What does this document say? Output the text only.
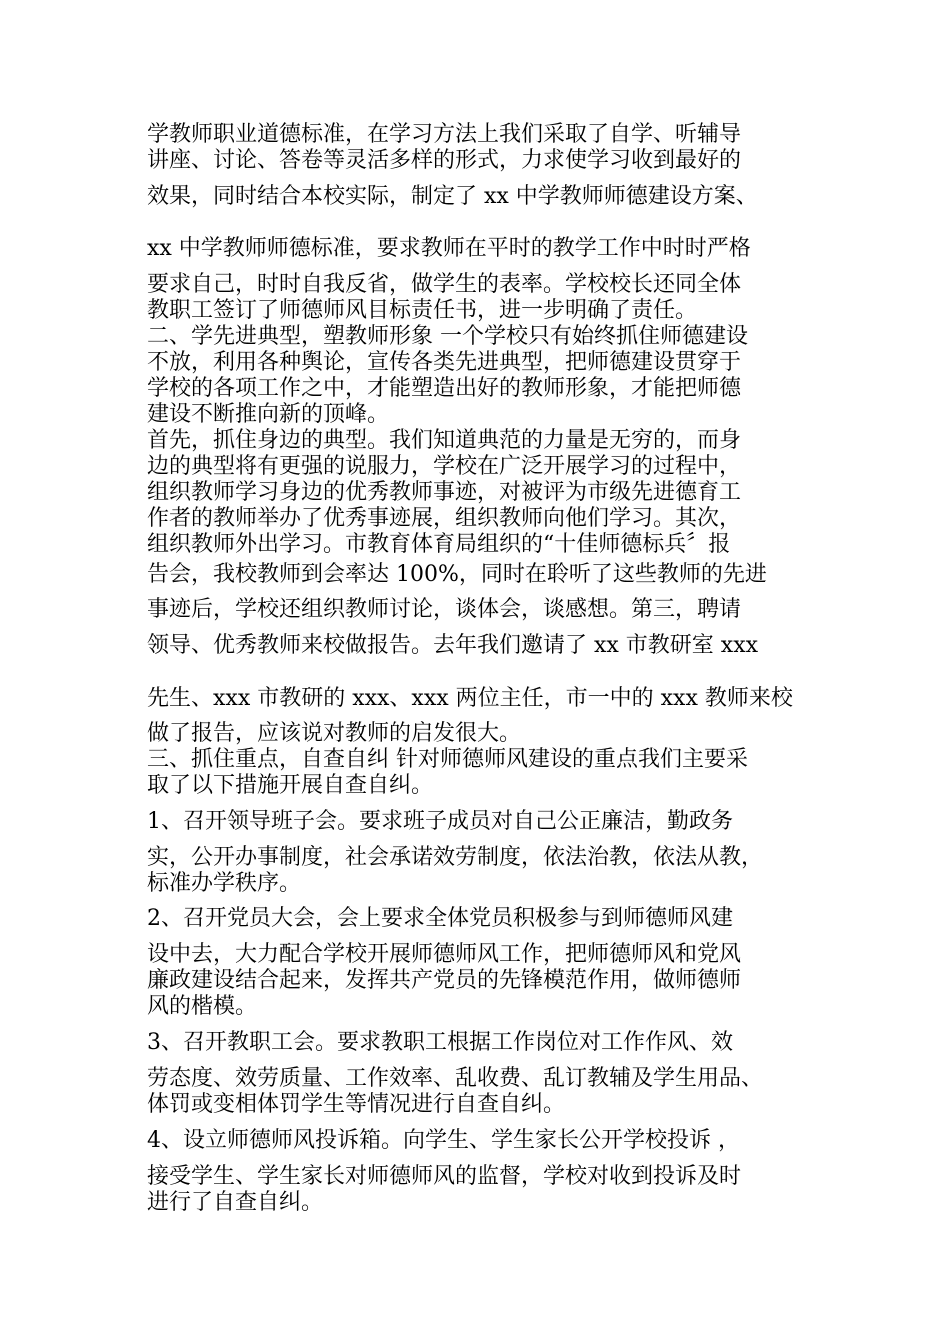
学教师职业道德标准，在学习方法上我们采取了自学、听辅导
讲座、讨论、答卷等灵活多样的形式，力求使学习收到最好的
效果，同时结合本校实际，制定了 xx 中学教师师德建设方案、
xx 中学教师师德标准，要求教师在平时的教学工作中时时严格
要求自己，时时自我反省，做学生的表率。学校校长还同全体
教职工签订了师德师风目标责任书，进一步明确了责任。
二、学先进典型，塑教师形象 一个学校只有始终抓住师德建设
不放，利用各种舆论，宣传各类先进典型，把师德建设贯穿于
学校的各项工作之中，才能塑造出好的教师形象，才能把师德
建设不断推向新的顶峰。
首先，抓住身边的典型。我们知道典范的力量是无穷的，而身
边的典型将有更强的说服力，学校在广泛开展学习的过程中，
组织教师学习身边的优秀教师事迹，对被评为市级先进德育工
作者的教师举办了优秀事迹展，组织教师向他们学习。其次，
组织教师外出学习。市教育体育局组织的“十佳师德标兵〞报
告会，我校教师到会率达 100%，同时在聆听了这些教师的先进
事迹后，学校还组织教师讨论，谈体会，谈感想。第三，聘请
领导、优秀教师来校做报告。去年我们邀请了 xx 市教研室 xxx
先生、xxx 市教研的 xxx、xxx 两位主任，市一中的 xxx 教师来校
做了报告，应该说对教师的启发很大。
三、抓住重点，自查自纠 针对师德师风建设的重点我们主要采
取了以下措施开展自查自纠。
1、召开领导班子会。要求班子成员对自己公正廉洁，勤政务
实，公开办事制度，社会承诺效劳制度，依法治教，依法从教，
标准办学秩序。
2、召开党员大会，会上要求全体党员积极参与到师德师风建
设中去，大力配合学校开展师德师风工作，把师德师风和党风
廉政建设结合起来，发挥共产党员的先锋模范作用，做师德师
风的楷模。
3、召开教职工会。要求教职工根据工作岗位对工作作风、效
劳态度、效劳质量、工作效率、乱收费、乱订教辅及学生用品、
体罚或变相体罚学生等情况进行自查自纠。
4、设立师德师风投诉箱。向学生、学生家长公开学校投诉 ，
接受学生、学生家长对师德师风的监督，学校对收到投诉及时
进行了自查自纠。
